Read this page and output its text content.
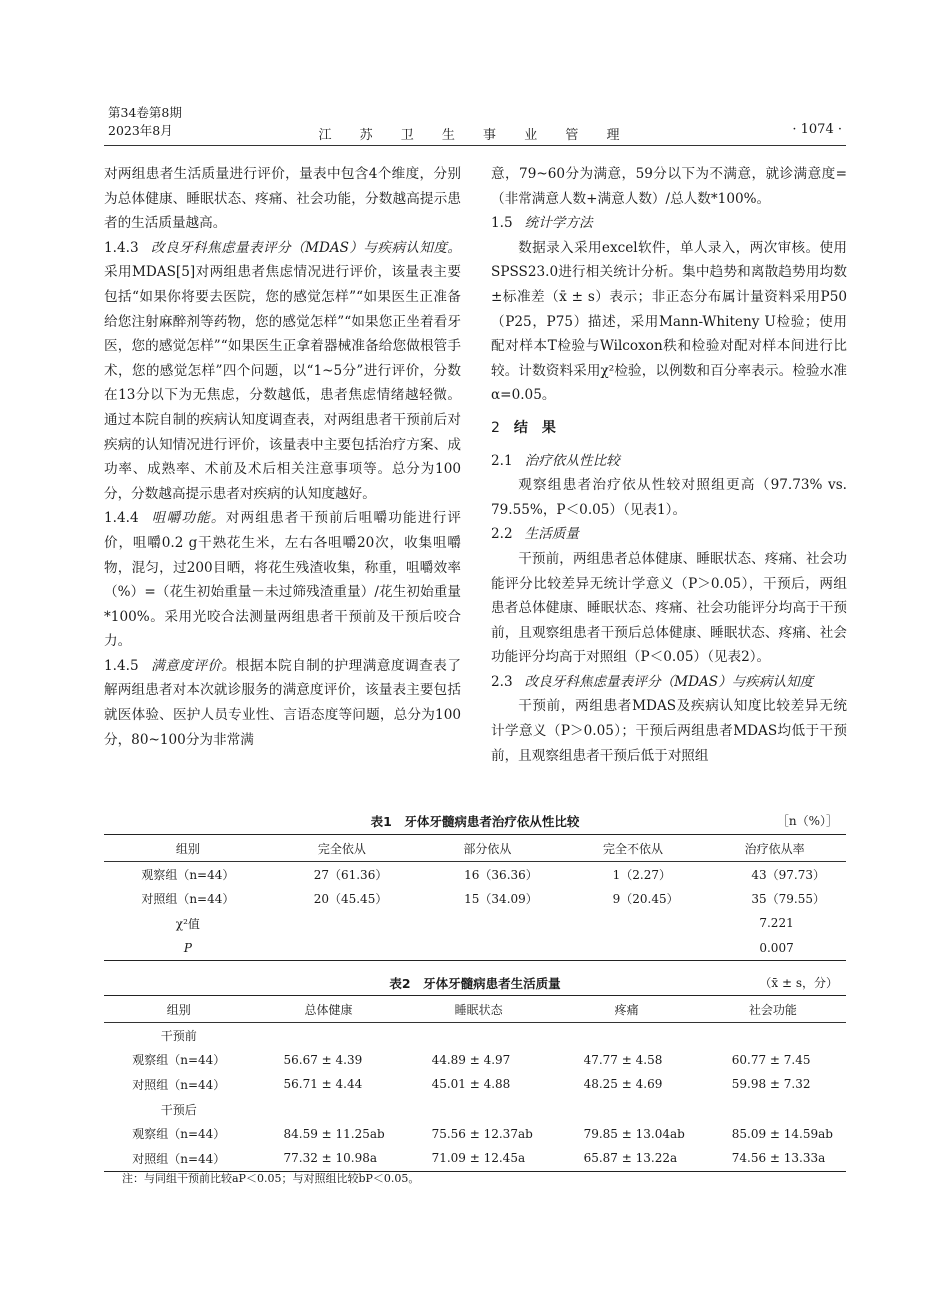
第34卷第8期
2023年8月	江 苏 卫 生 事 业 管 理	· 1074 ·

对两组患者生活质量进行评价，量表中包含4个维度，分别为总体健康、睡眠状态、疼痛、社会功能，分数越高提示患者的生活质量越高。

1.4.3 改良牙科焦虑量表评分（MDAS）与疾病认知度。采用MDAS[5]对两组患者焦虑情况进行评价，该量表主要包括“如果你将要去医院，您的感觉怎样”“如果医生正准备给您注射麻醉剂等药物，您的感觉怎样”“如果您正坐着看牙医，您的感觉怎样”“如果医生正拿着器械准备给您做根管手术，您的感觉怎样”四个问题，以“1~5分”进行评价，分数在13分以下为无焦虑，分数越低，患者焦虑情绪越轻微。通过本院自制的疾病认知度调查表，对两组患者干预前后对疾病的认知情况进行评价，该量表中主要包括治疗方案、成功率、成熟率、术前及术后相关注意事项等。总分为100分，分数越高提示患者对疾病的认知度越好。

1.4.4 咀嚼功能。对两组患者干预前后咀嚼功能进行评价，咀嚼0.2 g干熟花生米，左右各咀嚼20次，收集咀嚼物，混匀，过200目晒，将花生残渣收集，称重，咀嚼效率（%）=（花生初始重量－未过筛残渣重量）/花生初始重量*100%。采用光咬合法测量两组患者干预前及干预后咬合力。

1.4.5 满意度评价。根据本院自制的护理满意度调查表了解两组患者对本次就诊服务的满意度评价，该量表主要包括就医体验、医护人员专业性、言语态度等问题，总分为100分，80~100分为非常满

意，79~60分为满意，59分以下为不满意，就诊满意度=（非常满意人数+满意人数）/总人数*100%。

1.5 统计学方法

数据录入采用excel软件，单人录入，两次审核。使用SPSS23.0进行相关统计分析。集中趋势和离散趋势用均数±标准差（x̄ ± s）表示；非正态分布属计量资料采用P50（P25，P75）描述，采用Mann-Whiteny U检验；使用配对样本T检验与Wilcoxon秩和检验对配对样本间进行比较。计数资料采用χ²检验，以例数和百分率表示。检验水准α=0.05。

2 结　果

2.1 治疗依从性比较

观察组患者治疗依从性较对照组更高（97.73% vs. 79.55%，P＜0.05）（见表1）。

2.2 生活质量

干预前，两组患者总体健康、睡眠状态、疼痛、社会功能评分比较差异无统计学意义（P＞0.05），干预后，两组患者总体健康、睡眠状态、疼痛、社会功能评分均高于干预前，且观察组患者干预后总体健康、睡眠状态、疼痛、社会功能评分均高于对照组（P＜0.05）（见表2）。

2.3 改良牙科焦虑量表评分（MDAS）与疾病认知度

干预前，两组患者MDAS及疾病认知度比较差异无统计学意义（P＞0.05）；干预后两组患者MDAS均低于干预前，且观察组患者干预后低于对照组

表1　牙体牙髓病患者治疗依从性比较	［n（%）］
组别	完全依从	部分依从	完全不依从	治疗依从率
观察组（n=44）	27（61.36）	16（36.36）	1（2.27）	43（97.73）
对照组（n=44）	20（45.45）	15（34.09）	9（20.45）	35（79.55）
χ²值				7.221
P				0.007
表2　牙体牙髓病患者生活质量	（x̄ ± s，分）
组别	总体健康	睡眠状态	疼痛	社会功能
干预前				
观察组（n=44）	56.67 ± 4.39	44.89 ± 4.97	47.77 ± 4.58	60.77 ± 7.45
对照组（n=44）	56.71 ± 4.44	45.01 ± 4.88	48.25 ± 4.69	59.98 ± 7.32
干预后				
观察组（n=44）	84.59 ± 11.25ab	75.56 ± 12.37ab	79.85 ± 13.04ab	85.09 ± 14.59ab
对照组（n=44）	77.32 ± 10.98a	71.09 ± 12.45a	65.87 ± 13.22a	74.56 ± 13.33a
注：与同组干预前比较aP＜0.05；与对照组比较bP＜0.05。
